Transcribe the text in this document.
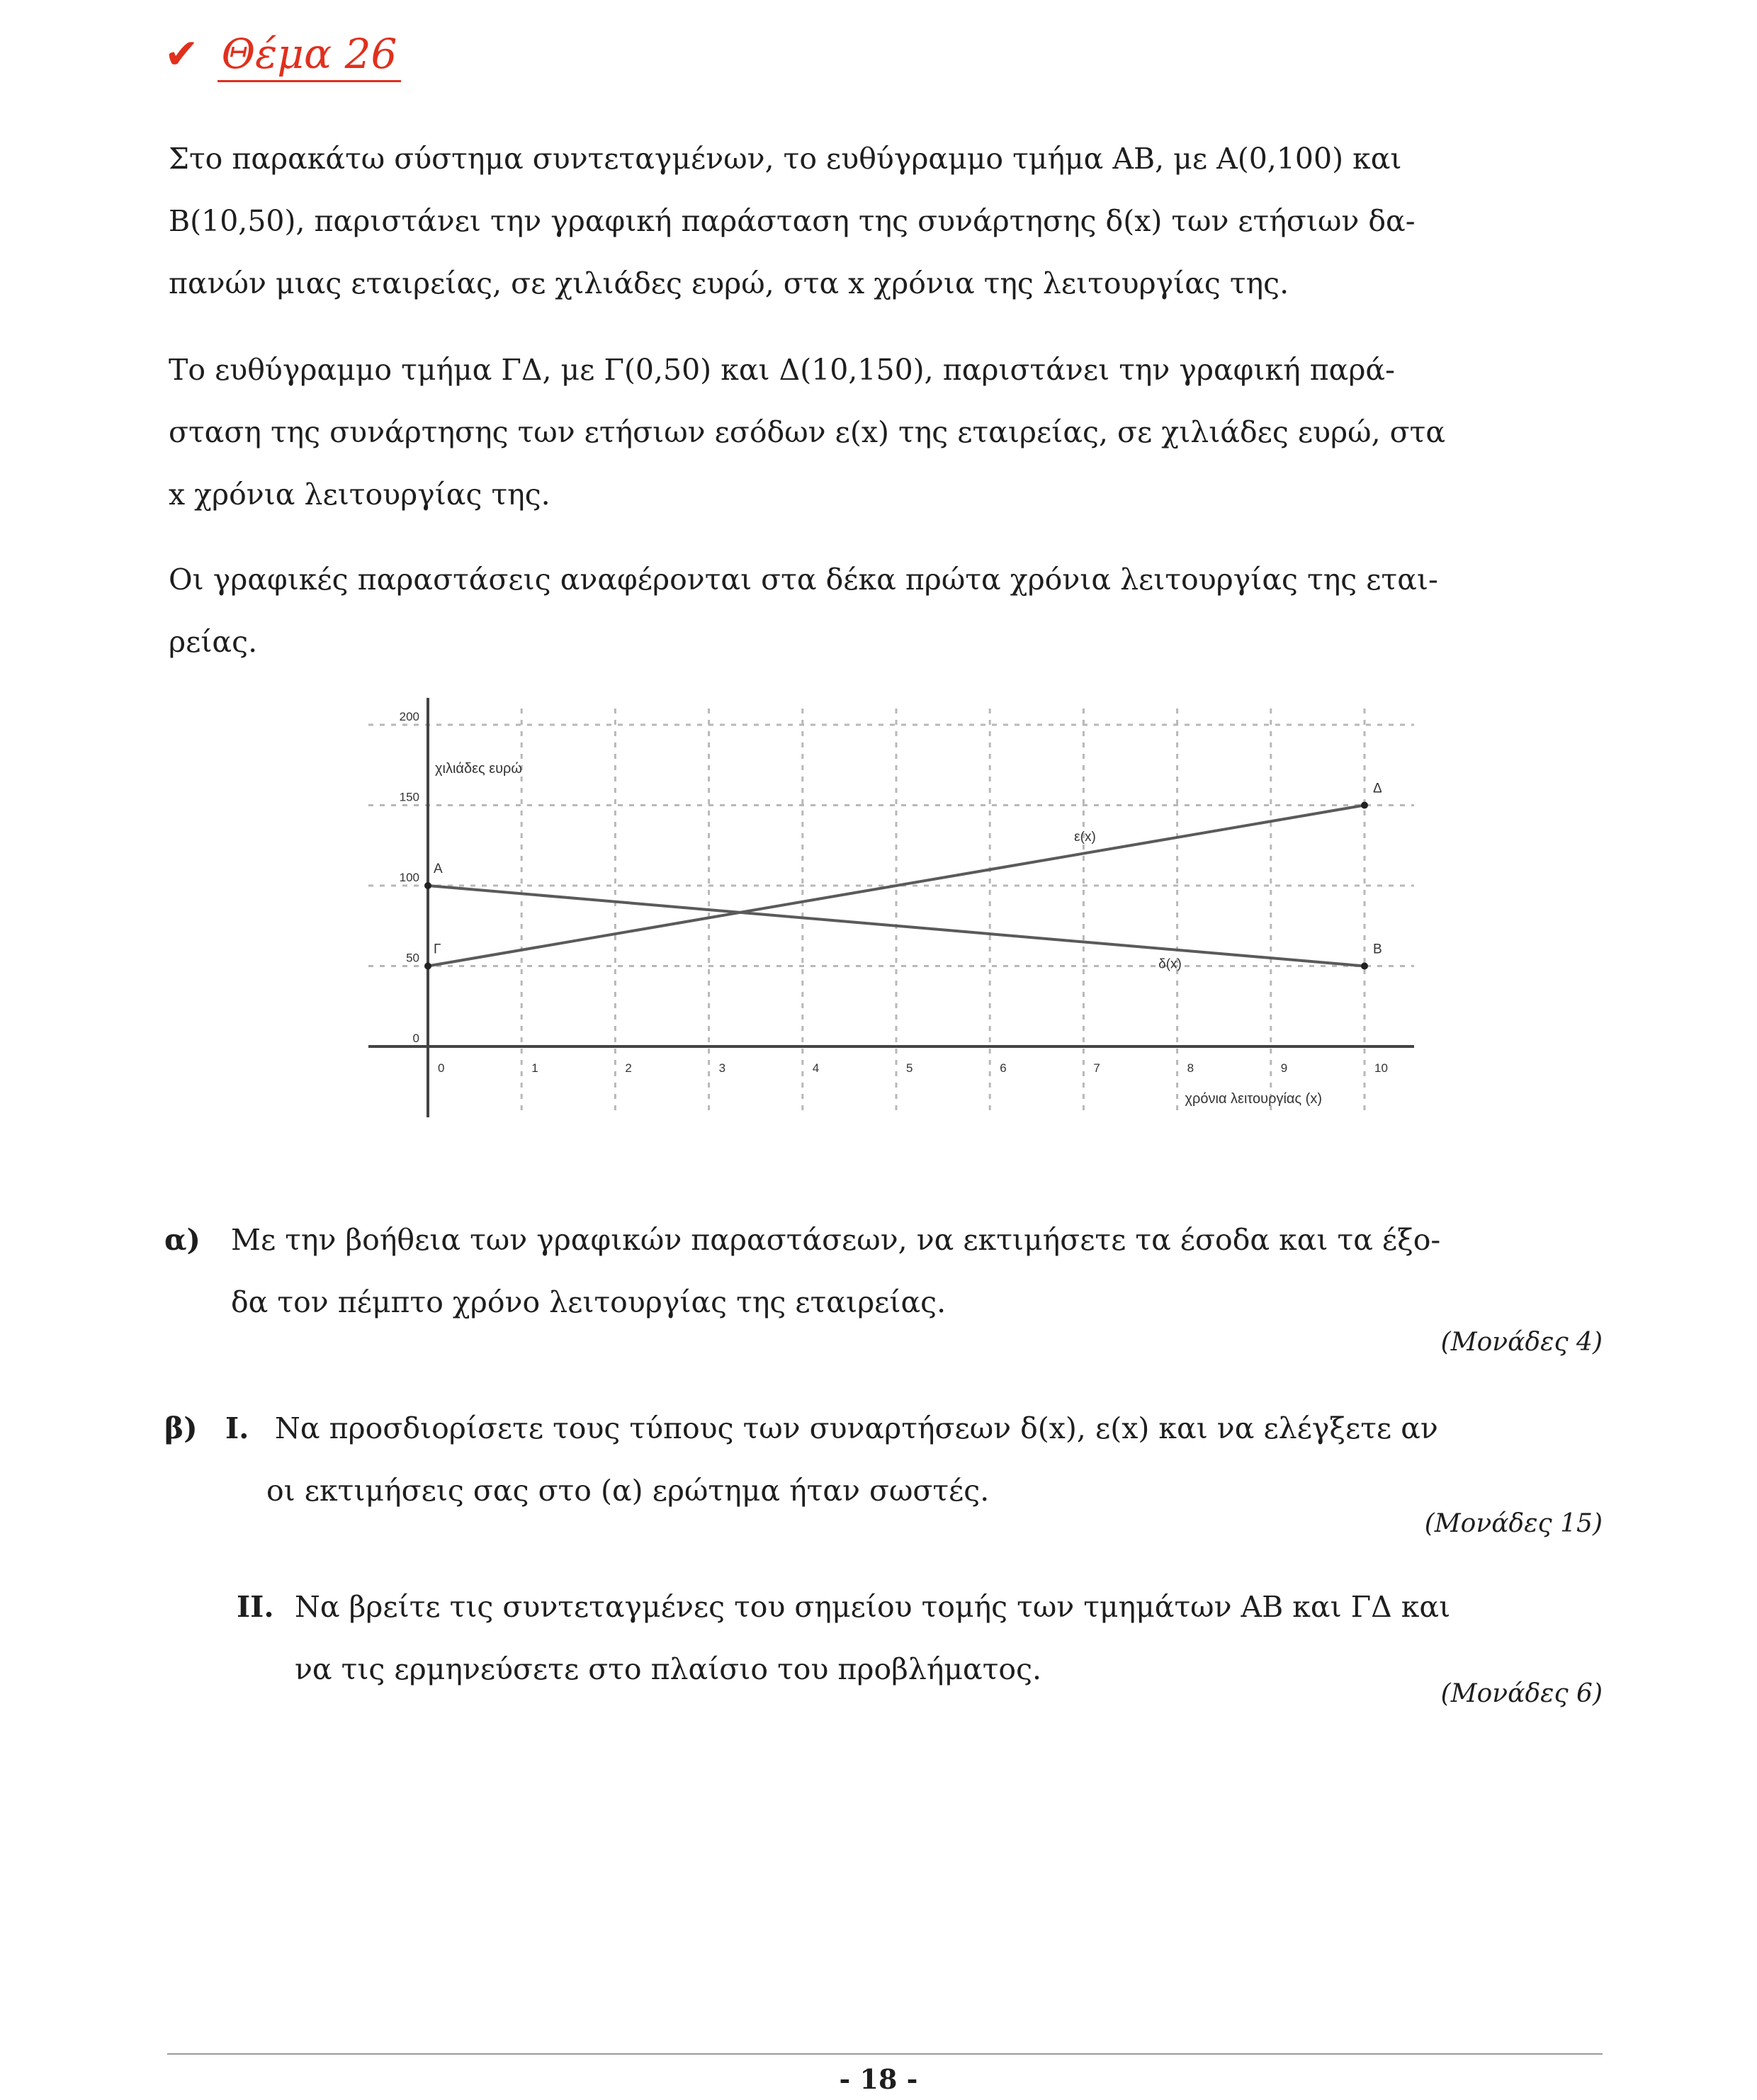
✔ Θέμα 26

Στο παρακάτω σύστημα συντεταγμένων, το ευθύγραμμο τμήμα ΑΒ, με Α(0,100) και
Β(10,50), παριστάνει την γραφική παράσταση της συνάρτησης δ(x) των ετήσιων δα-
πανών μιας εταιρείας, σε χιλιάδες ευρώ, στα x χρόνια της λειτουργίας της.

Το ευθύγραμμο τμήμα ΓΔ, με Γ(0,50) και Δ(10,150), παριστάνει την γραφική παρά-
σταση της συνάρτησης των ετήσιων εσόδων ε(x) της εταιρείας, σε χιλιάδες ευρώ, στα
x χρόνια λειτουργίας της.

Οι γραφικές παραστάσεις αναφέρονται στα δέκα πρώτα χρόνια λειτουργίας της εται-
ρείας.

0	1	2	3	4	5	6	7	8	9	10
0
50
100
150
200
χιλιάδες ευρώ
χρόνια λειτουργίας (x)
Α
Β
δ(x)
Γ
Δ
ε(x)
α) Με την βοήθεια των γραφικών παραστάσεων, να εκτιμήσετε τα έσοδα και τα έξο-
δα τον πέμπτο χρόνο λειτουργίας της εταιρείας.
(Μονάδες 4)
β) Ι. Να προσδιορίσετε τους τύπους των συναρτήσεων δ(x), ε(x) και να ελέγξετε αν
οι εκτιμήσεις σας στο (α) ερώτημα ήταν σωστές.
(Μονάδες 15)
ΙΙ. Να βρείτε τις συντεταγμένες του σημείου τομής των τμημάτων ΑΒ και ΓΔ και
να τις ερμηνεύσετε στο πλαίσιο του προβλήματος.
(Μονάδες 6)
- 18 -
